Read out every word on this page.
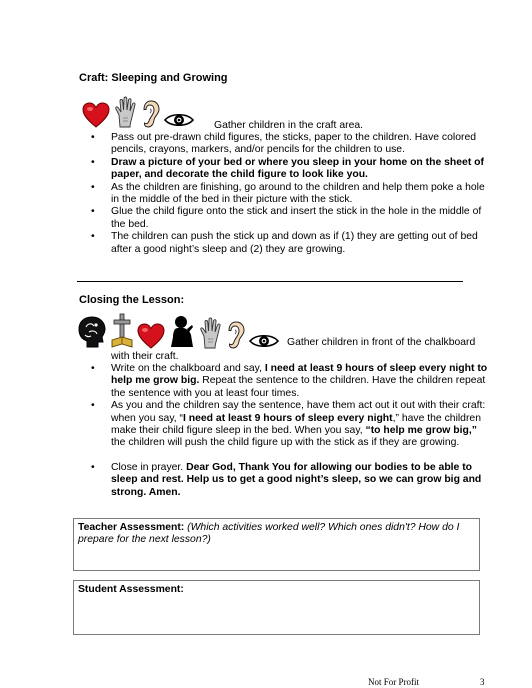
Craft: Sleeping and Growing
Gather children in the craft area.
• Pass out pre-drawn child figures, the sticks, paper to the children. Have colored pencils, crayons, markers, and/or pencils for the children to use.
• Draw a picture of your bed or where you sleep in your home on the sheet of paper, and decorate the child figure to look like you.
• As the children are finishing, go around to the children and help them poke a hole in the middle of the bed in their picture with the stick.
• Glue the child figure onto the stick and insert the stick in the hole in the middle of the bed.
• The children can push the stick up and down as if (1) they are getting out of bed after a good night’s sleep and (2) they are growing.
Closing the Lesson:
Gather children in front of the chalkboard
with their craft.
• Write on the chalkboard and say, I need at least 9 hours of sleep every night to help me grow big. Repeat the sentence to the children. Have the children repeat the sentence with you at least four times.
• As you and the children say the sentence, have them act out it out with their craft: when you say, “I need at least 9 hours of sleep every night,” have the children make their child figure sleep in the bed. When you say, “to help me grow big,” the children will push the child figure up with the stick as if they are growing.
• Close in prayer. Dear God, Thank You for allowing our bodies to be able to sleep and rest. Help us to get a good night’s sleep, so we can grow big and strong. Amen.
Teacher Assessment: (Which activities worked well? Which ones didn't? How do I prepare for the next lesson?)
Student Assessment:
Not For Profit	3
